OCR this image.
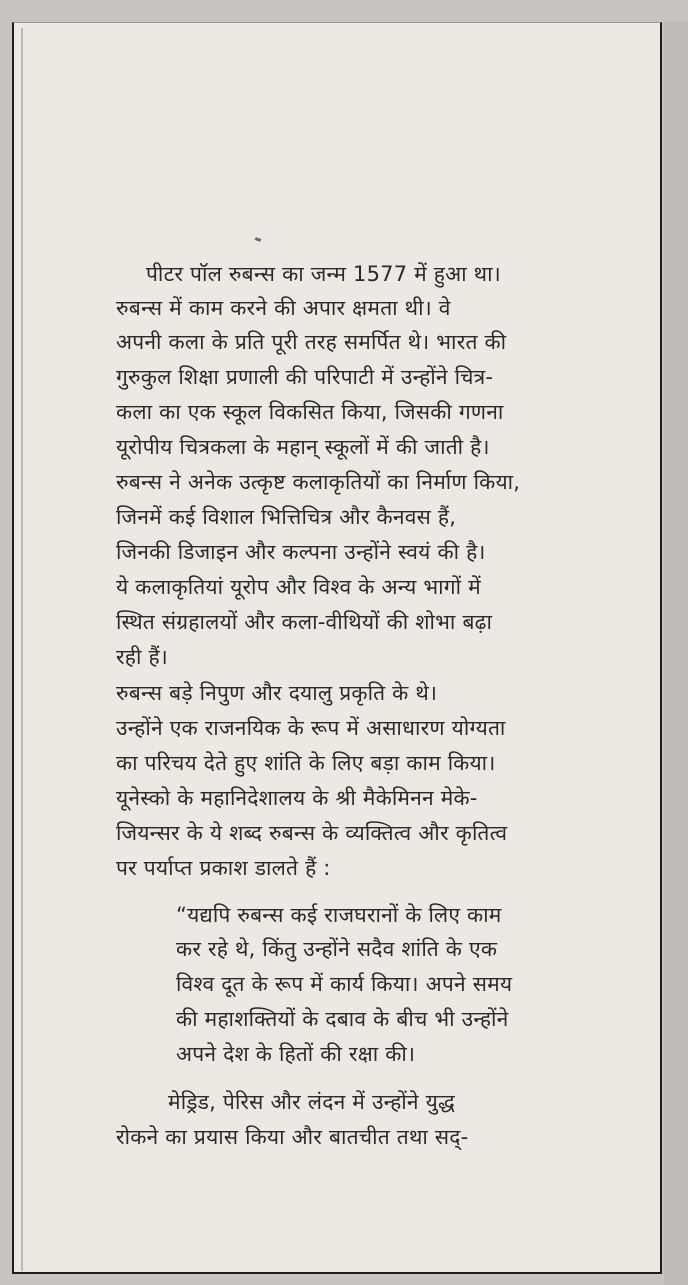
पीटर पॉल रुबन्स का जन्म 1577 में हुआ था।
रुबन्स में काम करने की अपार क्षमता थी। वे
अपनी कला के प्रति पूरी तरह समर्पित थे। भारत की
गुरुकुल शिक्षा प्रणाली की परिपाटी में उन्होंने चित्र-
कला का एक स्कूल विकसित किया, जिसकी गणना
यूरोपीय चित्रकला के महान् स्कूलों में की जाती है।
रुबन्स ने अनेक उत्कृष्ट कलाकृतियों का निर्माण किया,
जिनमें कई विशाल भित्तिचित्र और कैनवस हैं,
जिनकी डिजाइन और कल्पना उन्होंने स्वयं की है।
ये कलाकृतियां यूरोप और विश्व के अन्य भागों में
स्थित संग्रहालयों और कला-वीथियों की शोभा बढ़ा
रही हैं।
रुबन्स बड़े निपुण और दयालु प्रकृति के थे।
उन्होंने एक राजनयिक के रूप में असाधारण योग्यता
का परिचय देते हुए शांति के लिए बड़ा काम किया।
यूनेस्को के महानिदेशालय के श्री मैकेमिनन मेके-
जियन्सर के ये शब्द रुबन्स के व्यक्तित्व और कृतित्व
पर पर्याप्त प्रकाश डालते हैं :
“यद्यपि रुबन्स कई राजघरानों के लिए काम
कर रहे थे, किंतु उन्होंने सदैव शांति के एक
विश्व दूत के रूप में कार्य किया। अपने समय
की महाशक्तियों के दबाव के बीच भी उन्होंने
अपने देश के हितों की रक्षा की।
मेड्रिड, पेरिस और लंदन में उन्होंने युद्ध
रोकने का प्रयास किया और बातचीत तथा सद्-
